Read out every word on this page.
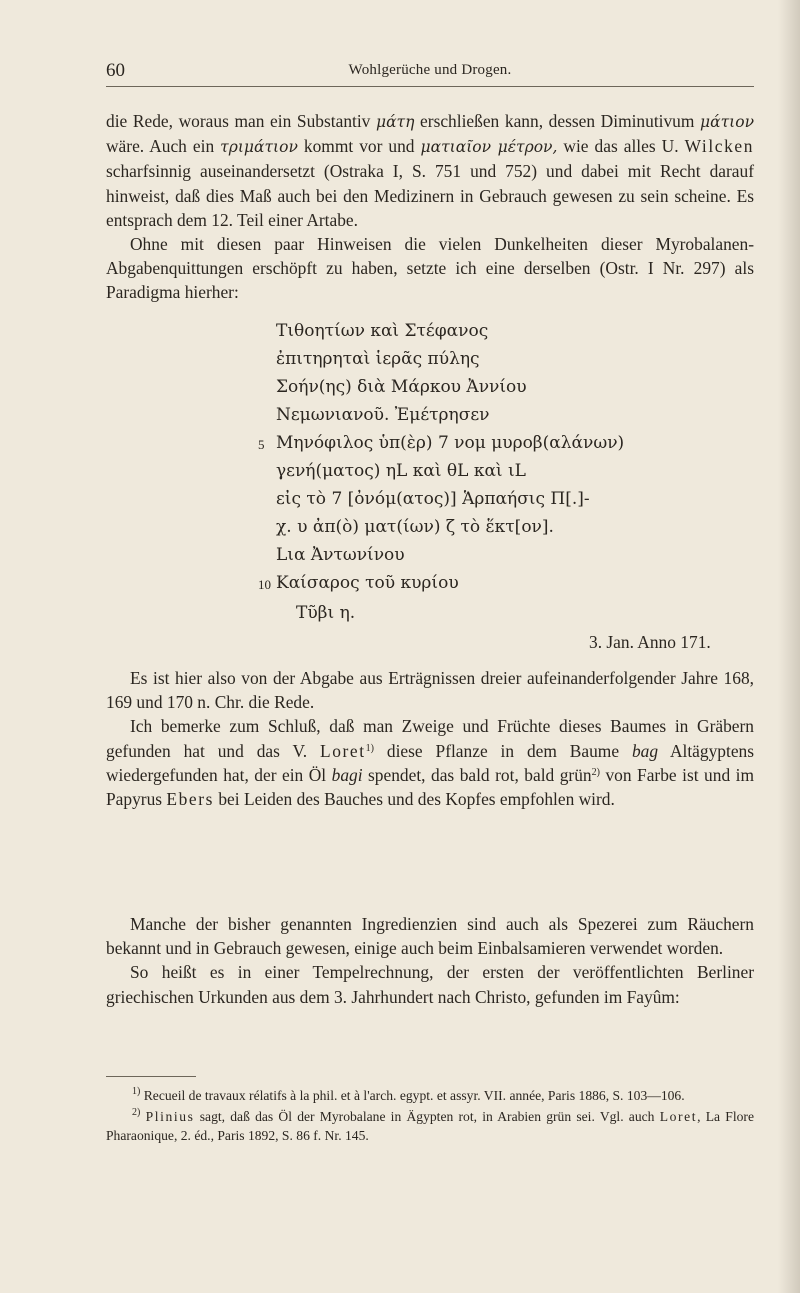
60	Wohlgerüche und Drogen.

die Rede, woraus man ein Substantiv μάτη erschließen kann, dessen Diminutivum μάτιον wäre. Auch ein τριμάτιον kommt vor und ματιαῖον μέτρον, wie das alles U. Wilcken scharfsinnig auseinandersetzt (Ostraka I, S. 751 und 752) und dabei mit Recht darauf hinweist, daß dies Maß auch bei den Medizinern in Gebrauch gewesen zu sein scheine. Es entsprach dem 12. Teil einer Artabe.

Ohne mit diesen paar Hinweisen die vielen Dunkelheiten dieser Myrobalanen-Abgabenquittungen erschöpft zu haben, setzte ich eine derselben (Ostr. I Nr. 297) als Paradigma hierher:

Τιθοητίων καὶ Στέφανος
ἐπιτηρηταὶ ἱερᾶς πύλης
Σοήν(ης) διὰ Μάρκου Ἀννίου
Νεμωνιανοῦ. Ἐμέτρησεν
5 Μηνόφιλος ὑπ(ὲρ) 7 νομ μυροβ(αλάνων)
γενή(ματος) ηL καὶ θL καὶ ιL
εἰς τὸ 7 [ὀνόμ(ατος)] Ἁρπαήσις Π[.]-
χ. υ ἀπ(ὸ) ματ(ίων) ζ τὸ ἕκτ[ον].
Lια Ἀντωνίνου
10 Καίσαρος τοῦ κυρίου
Τῦβι η.
3. Jan. Anno 171.

Es ist hier also von der Abgabe aus Erträgnissen dreier aufeinanderfolgender Jahre 168, 169 und 170 n. Chr. die Rede.

Ich bemerke zum Schluß, daß man Zweige und Früchte dieses Baumes in Gräbern gefunden hat und das V. Loret$^{1)}$ diese Pflanze in dem Baume bag Altägyptens wiedergefunden hat, der ein Öl bagi spendet, das bald rot, bald grün$^{2)}$ von Farbe ist und im Papyrus Ebers bei Leiden des Bauches und des Kopfes empfohlen wird.

Manche der bisher genannten Ingredienzien sind auch als Spezerei zum Räuchern bekannt und in Gebrauch gewesen, einige auch beim Einbalsamieren verwendet worden.

So heißt es in einer Tempelrechnung, der ersten der veröffentlichten Berliner griechischen Urkunden aus dem 3. Jahrhundert nach Christo, gefunden im Fayûm:

$^{1)}$ Recueil de travaux rélatifs à la phil. et à l'arch. egypt. et assyr. VII. année, Paris 1886, S. 103—106.

$^{2)}$ Plinius sagt, daß das Öl der Myrobalane in Ägypten rot, in Arabien grün sei. Vgl. auch Loret, La Flore Pharaonique, 2. éd., Paris 1892, S. 86 f. Nr. 145.
